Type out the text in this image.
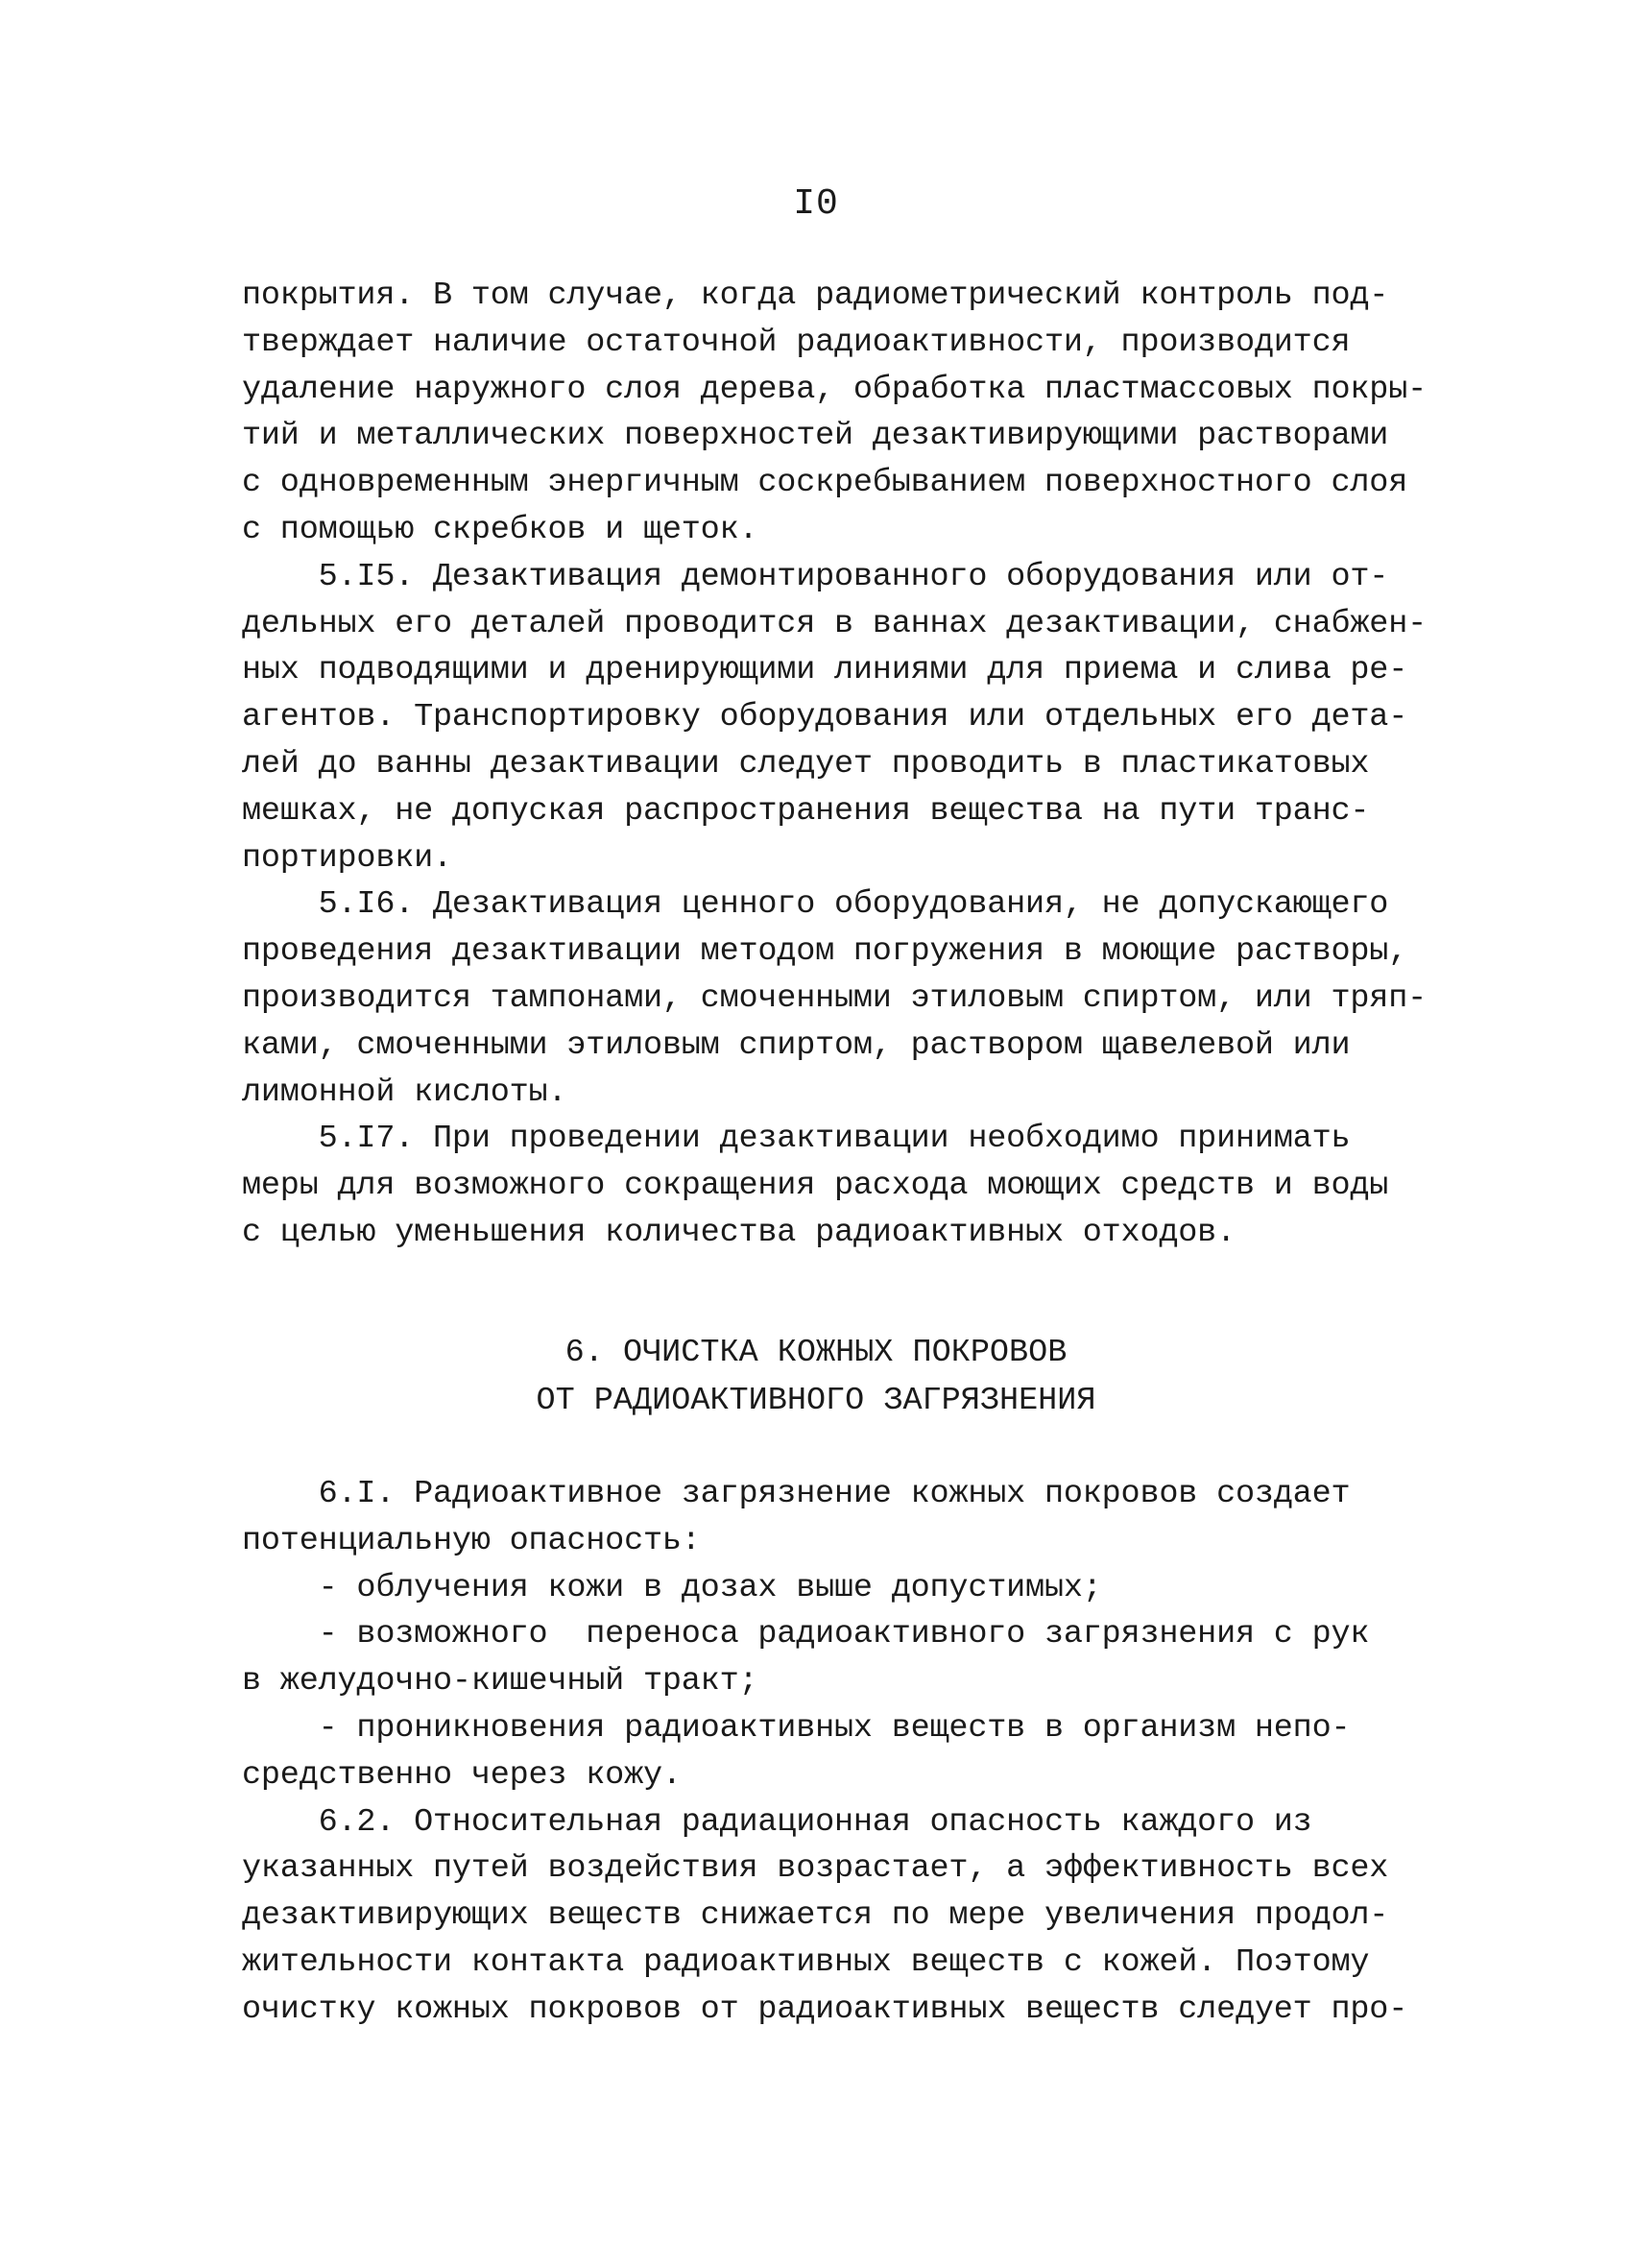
I0
покрытия. В том случае, когда радиометрический контроль под-
тверждает наличие остаточной радиоактивности, производится
удаление наружного слоя дерева, обработка пластмассовых покры-
тий и металлических поверхностей дезактивирующими растворами
с одновременным энергичным соскребыванием поверхностного слоя
с помощью скребков и щеток.
5.I5. Дезактивация демонтированного оборудования или от-
дельных его деталей проводится в ваннах дезактивации, снабжен-
ных подводящими и дренирующими линиями для приема и слива ре-
агентов. Транспортировку оборудования или отдельных его дета-
лей до ванны дезактивации следует проводить в пластикатовых
мешках, не допуская распространения вещества на пути транс-
портировки.
5.I6. Дезактивация ценного оборудования, не допускающего
проведения дезактивации методом погружения в моющие растворы,
производится тампонами, смоченными этиловым спиртом, или тряп-
ками, смоченными этиловым спиртом, раствором щавелевой или
лимонной кислоты.
5.I7. При проведении дезактивации необходимо принимать
меры для возможного сокращения расхода моющих средств и воды
с целью уменьшения количества радиоактивных отходов.
6. ОЧИСТКА КОЖНЫХ ПОКРОВОВ
ОТ РАДИОАКТИВНОГО ЗАГРЯЗНЕНИЯ
6.I. Радиоактивное загрязнение кожных покровов создает
потенциальную опасность:
- облучения кожи в дозах выше допустимых;
- возможного  переноса радиоактивного загрязнения с рук
в желудочно-кишечный тракт;
- проникновения радиоактивных веществ в организм непо-
средственно через кожу.
6.2. Относительная радиационная опасность каждого из
указанных путей воздействия возрастает, а эффективность всех
дезактивирующих веществ снижается по мере увеличения продол-
жительности контакта радиоактивных веществ с кожей. Поэтому
очистку кожных покровов от радиоактивных веществ следует про-
